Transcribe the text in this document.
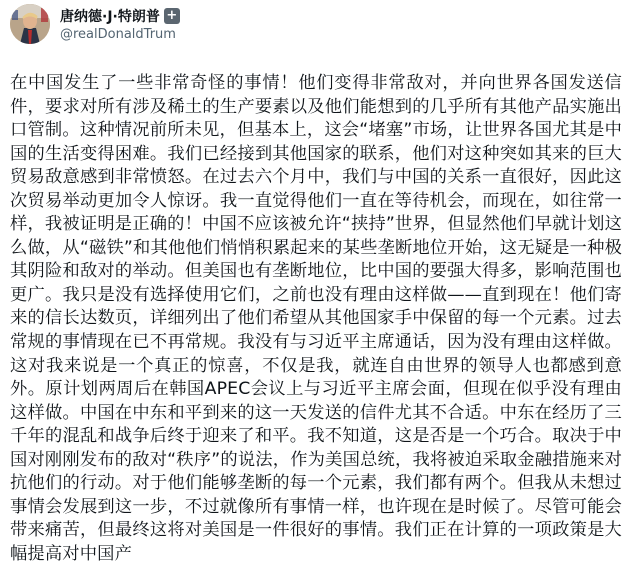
唐纳德·J·特朗普 +
@realDonaldTrum
在中国发生了一些非常奇怪的事情！他们变得非常敌对，并向世界各国发送信件，要求对所有涉及稀土的生产要素以及他们能想到的几乎所有其他产品实施出口管制。这种情况前所未见，但基本上，这会“堵塞”市场，让世界各国尤其是中国的生活变得困难。我们已经接到其他国家的联系，他们对这种突如其来的巨大贸易敌意感到非常愤怒。在过去六个月中，我们与中国的关系一直很好，因此这次贸易举动更加令人惊讶。我一直觉得他们一直在等待机会，而现在，如往常一样，我被证明是正确的！中国不应该被允许“挟持”世界，但显然他们早就计划这么做，从“磁铁”和其他他们悄悄积累起来的某些垄断地位开始，这无疑是一种极其阴险和敌对的举动。但美国也有垄断地位，比中国的要强大得多，影响范围也更广。我只是没有选择使用它们，之前也没有理由这样做——直到现在！他们寄来的信长达数页，详细列出了他们希望从其他国家手中保留的每一个元素。过去常规的事情现在已不再常规。我没有与习近平主席通话，因为没有理由这样做。这对我来说是一个真正的惊喜，不仅是我，就连自由世界的领导人也都感到意外。原计划两周后在韩国APEC会议上与习近平主席会面，但现在似乎没有理由这样做。中国在中东和平到来的这一天发送的信件尤其不合适。中东在经历了三千年的混乱和战争后终于迎来了和平。我不知道，这是否是一个巧合。取决于中国对刚刚发布的敌对“秩序”的说法，作为美国总统，我将被迫采取金融措施来对抗他们的行动。对于他们能够垄断的每一个元素，我们都有两个。但我从未想过事情会发展到这一步，不过就像所有事情一样，也许现在是时候了。尽管可能会带来痛苦，但最终这将对美国是一件很好的事情。我们正在计算的一项政策是大幅提高对中国产
